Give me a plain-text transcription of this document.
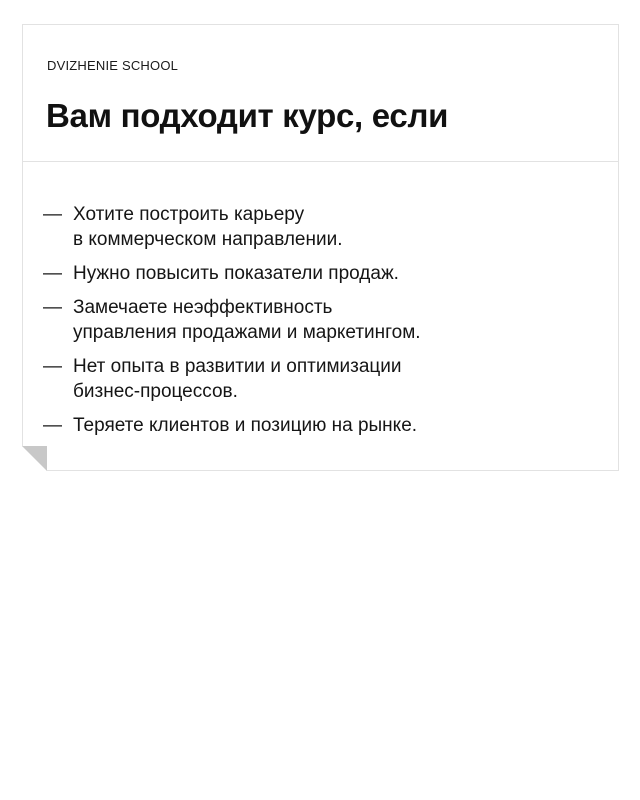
DVIZHENIE SCHOOL
Вам подходит курс, если
— Хотите построить карьеру
в коммерческом направлении.
— Нужно повысить показатели продаж.
— Замечаете неэффективность
управления продажами и маркетингом.
— Нет опыта в развитии и оптимизации
бизнес-процессов.
— Теряете клиентов и позицию на рынке.
